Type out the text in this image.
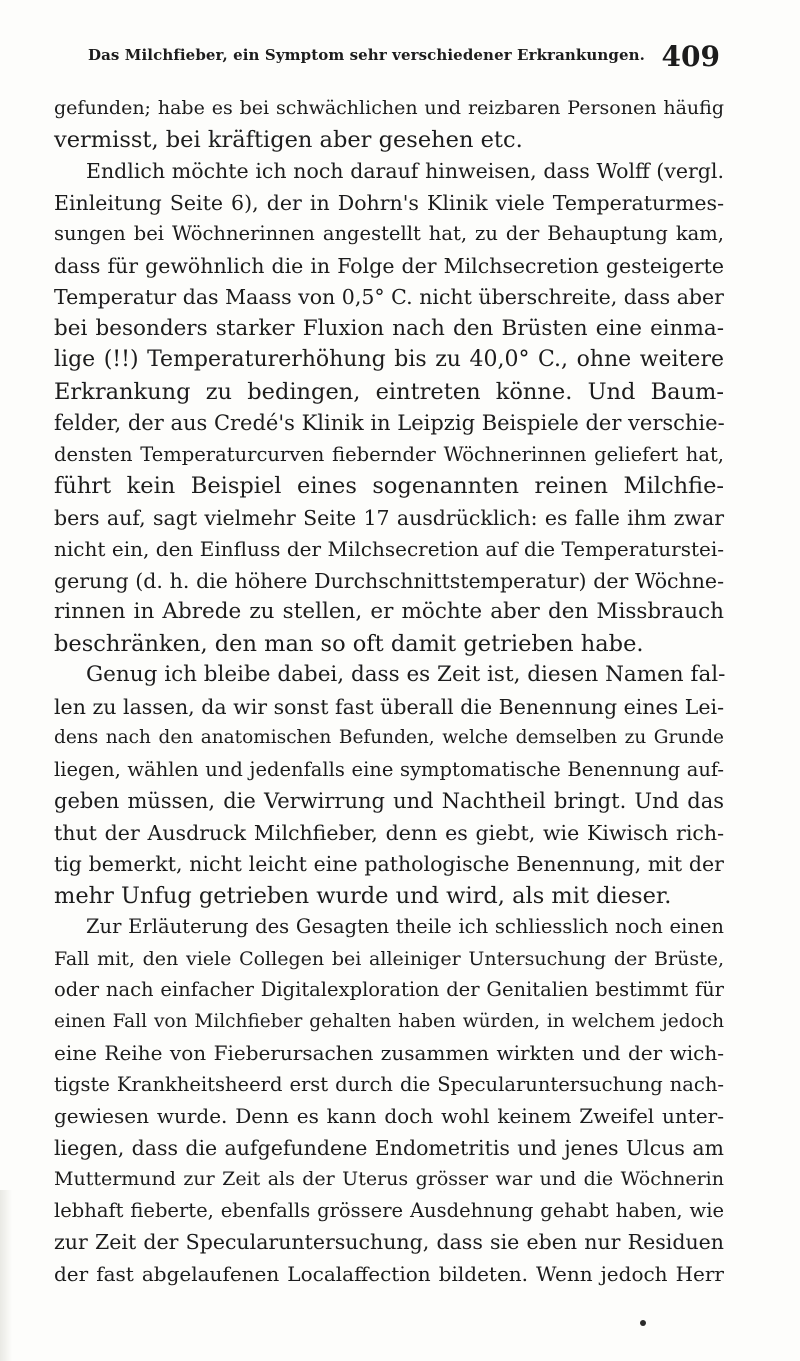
Das Milchfieber, ein Symptom sehr verschiedener Erkrankungen. 409
gefunden; habe es bei schwächlichen und reizbaren Personen häufig
vermisst, bei kräftigen aber gesehen etc.
Endlich möchte ich noch darauf hinweisen, dass Wolff (vergl.
Einleitung Seite 6), der in Dohrn's Klinik viele Temperaturmes-
sungen bei Wöchnerinnen angestellt hat, zu der Behauptung kam,
dass für gewöhnlich die in Folge der Milchsecretion gesteigerte
Temperatur das Maass von 0,5° C. nicht überschreite, dass aber
bei besonders starker Fluxion nach den Brüsten eine einma-
lige (!!) Temperaturerhöhung bis zu 40,0° C., ohne weitere
Erkrankung zu bedingen, eintreten könne. Und Baum-
felder, der aus Credé's Klinik in Leipzig Beispiele der verschie-
densten Temperaturcurven fiebernder Wöchnerinnen geliefert hat,
führt kein Beispiel eines sogenannten reinen Milchfie-
bers auf, sagt vielmehr Seite 17 ausdrücklich: es falle ihm zwar
nicht ein, den Einfluss der Milchsecretion auf die Temperaturstei-
gerung (d. h. die höhere Durchschnittstemperatur) der Wöchne-
rinnen in Abrede zu stellen, er möchte aber den Missbrauch
beschränken, den man so oft damit getrieben habe.
Genug ich bleibe dabei, dass es Zeit ist, diesen Namen fal-
len zu lassen, da wir sonst fast überall die Benennung eines Lei-
dens nach den anatomischen Befunden, welche demselben zu Grunde
liegen, wählen und jedenfalls eine symptomatische Benennung auf-
geben müssen, die Verwirrung und Nachtheil bringt. Und das
thut der Ausdruck Milchfieber, denn es giebt, wie Kiwisch rich-
tig bemerkt, nicht leicht eine pathologische Benennung, mit der
mehr Unfug getrieben wurde und wird, als mit dieser.
Zur Erläuterung des Gesagten theile ich schliesslich noch einen
Fall mit, den viele Collegen bei alleiniger Untersuchung der Brüste,
oder nach einfacher Digitalexploration der Genitalien bestimmt für
einen Fall von Milchfieber gehalten haben würden, in welchem jedoch
eine Reihe von Fieberursachen zusammen wirkten und der wich-
tigste Krankheitsheerd erst durch die Specularuntersuchung nach-
gewiesen wurde. Denn es kann doch wohl keinem Zweifel unter-
liegen, dass die aufgefundene Endometritis und jenes Ulcus am
Muttermund zur Zeit als der Uterus grösser war und die Wöchnerin
lebhaft fieberte, ebenfalls grössere Ausdehnung gehabt haben, wie
zur Zeit der Specularuntersuchung, dass sie eben nur Residuen
der fast abgelaufenen Localaffection bildeten. Wenn jedoch Herr
